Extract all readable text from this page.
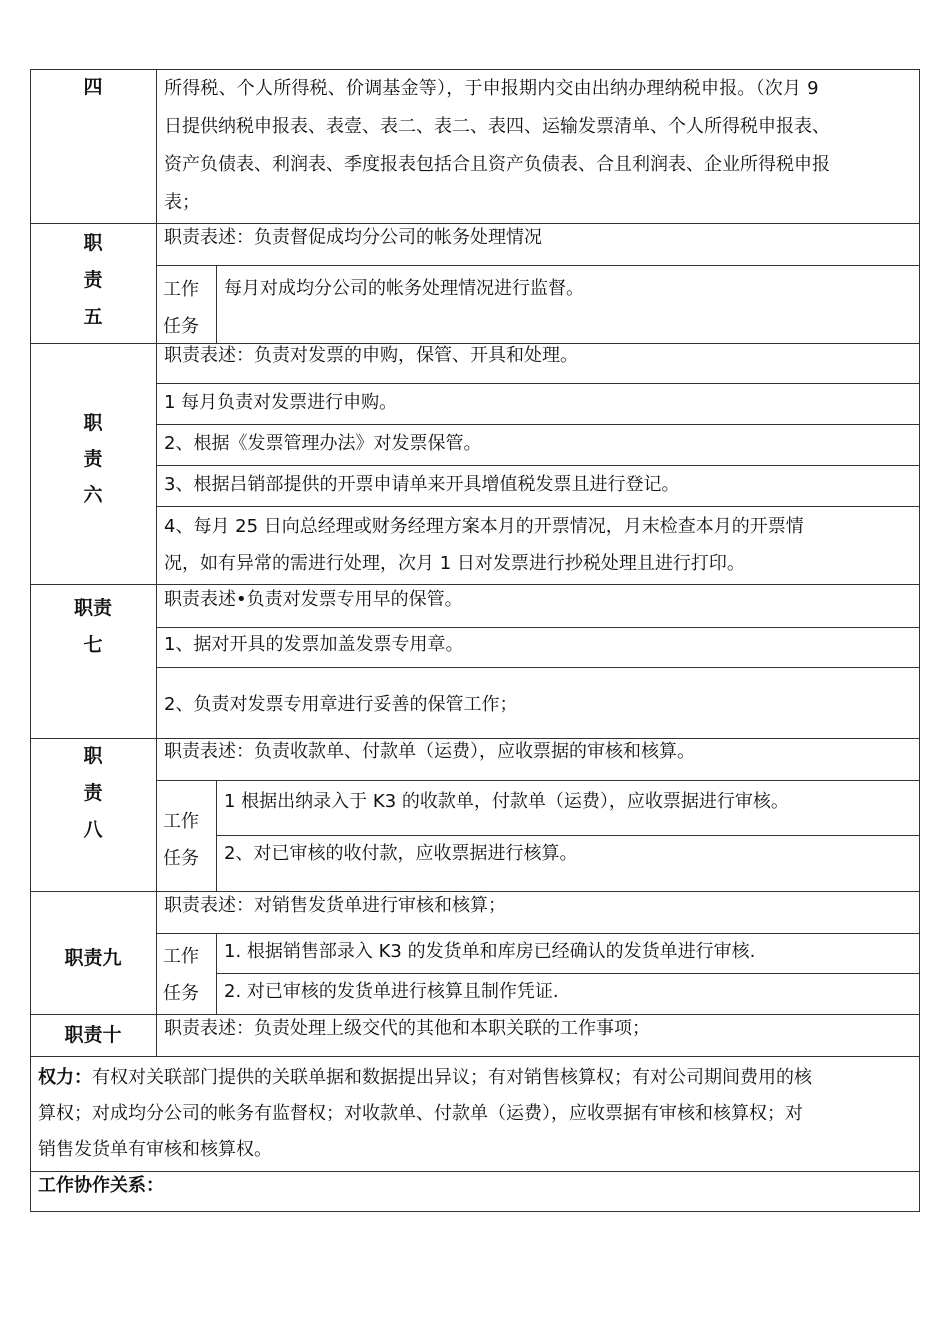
四	所得税、个人所得税、价调基金等），于申报期内交由出纳办理纳税申报。（次月 9
日提供纳税申报表、表壹、表二、表二、表四、运输发票清单、个人所得税申报表、
资产负债表、利润表、季度报表包括合且资产负债表、合且利润表、企业所得税申报
表；
职
责
五
职责表述：负责督促成均分公司的帐务处理情况
工作
任务
每月对成均分公司的帐务处理情况进行监督。
职
责
六
职责表述：负责对发票的申购，保管、开具和处理。
1 每月负责对发票进行申购。
2、根据《发票管理办法》对发票保管。
3、根据吕销部提供的开票申请单来开具增值税发票且进行登记。
4、每月 25 日向总经理或财务经理方案本月的开票情况，月末检查本月的开票情
况，如有异常的需进行处理，次月 1 日对发票进行抄税处理且进行打印。
职责
七
职责表述•负责对发票专用早的保管。
1、据对开具的发票加盖发票专用章。
2、负责对发票专用章进行妥善的保管工作；
职
责
八
职责表述：负责收款单、付款单（运费），应收票据的审核和核算。
工作
任务
1 根据出纳录入于 K3 的收款单，付款单（运费），应收票据进行审核。
2、对已审核的收付款，应收票据进行核算。
职责九
职责表述：对销售发货单进行审核和核算；
工作
任务
1. 根据销售部录入 K3 的发货单和库房已经确认的发货单进行审核.
2. 对已审核的发货单进行核算且制作凭证.
职责十	职责表述：负责处理上级交代的其他和本职关联的工作事项；
权力：有权对关联部门提供的关联单据和数据提出异议；有对销售核算权；有对公司期间费用的核
算权；对成均分公司的帐务有监督权；对收款单、付款单（运费），应收票据有审核和核算权；对
销售发货单有审核和核算权。
工作协作关系：
